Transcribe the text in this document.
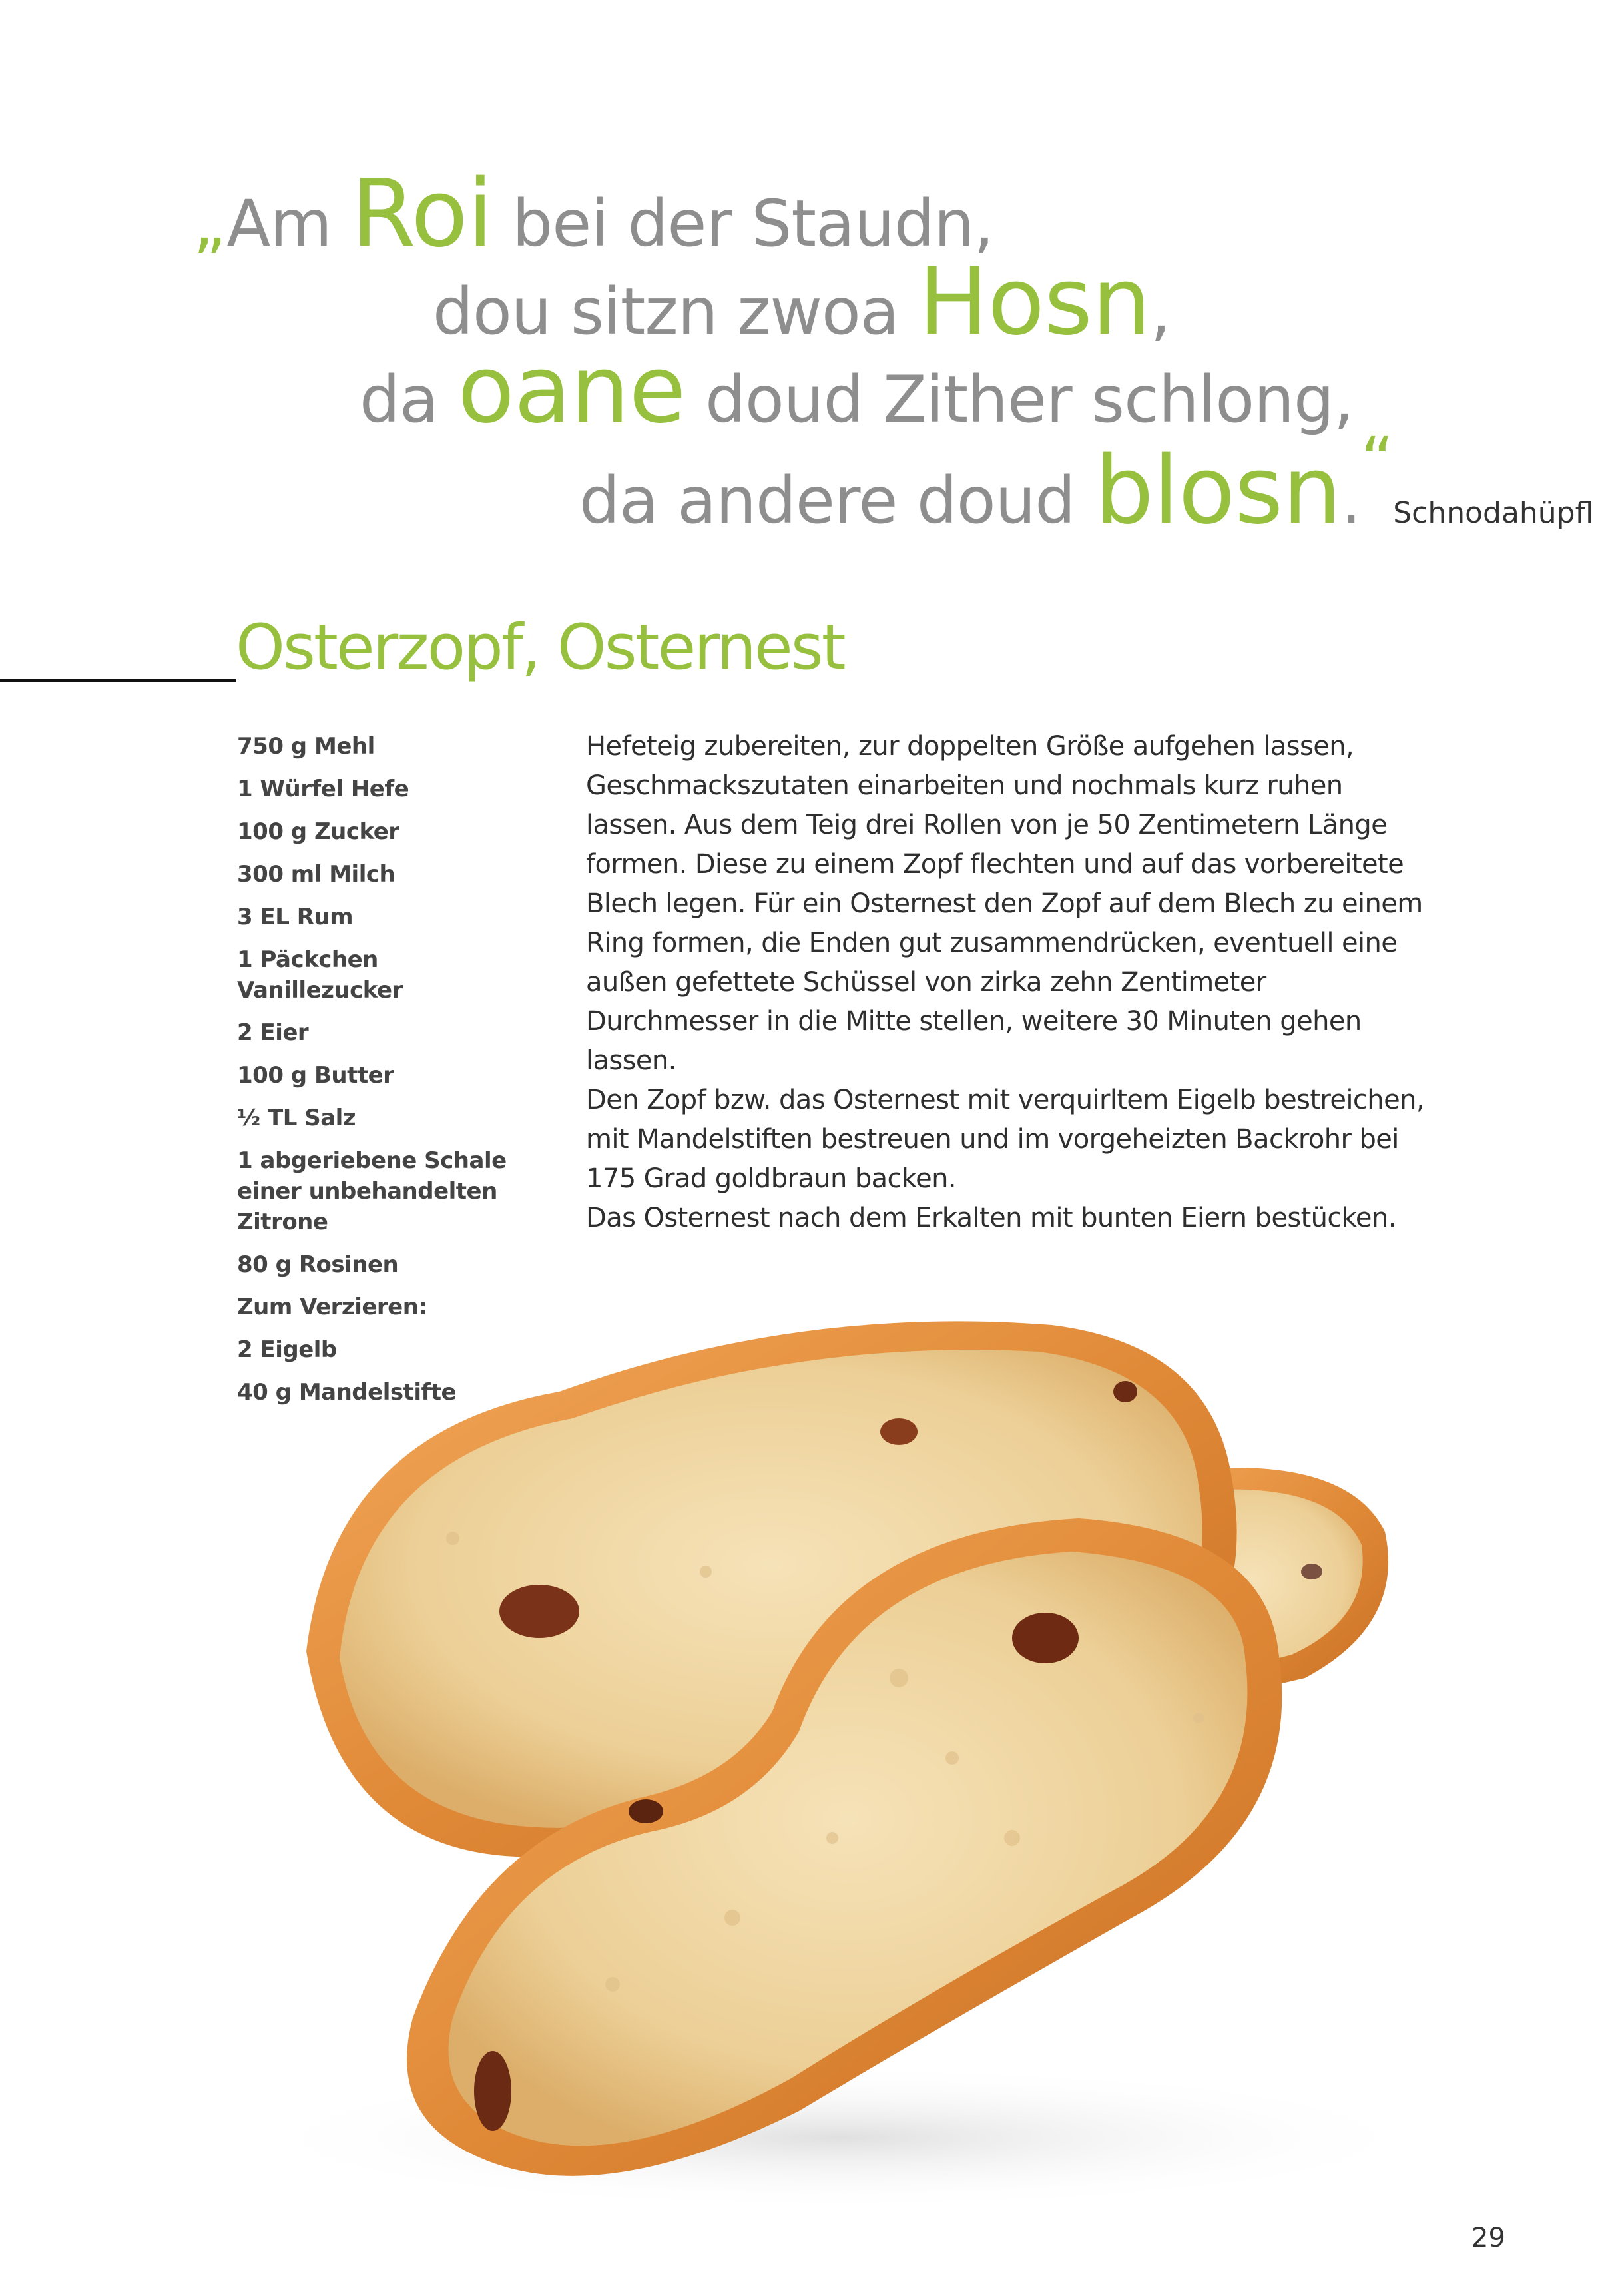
„Am Roi bei der Staudn,
dou sitzn zwoa Hosn,
da oane doud Zither schlong,
da andere doud blosn.“Schnodahüpfl
Osterzopf, Osternest
750 g Mehl
1 Würfel Hefe
100 g Zucker
300 ml Milch
3 EL Rum
1 Päckchen Vanillezucker
2 Eier
100 g Butter
½ TL Salz
1 abgeriebene Schale einer unbehandelten Zitrone
80 g Rosinen
Zum Verzieren:
2 Eigelb
40 g Mandelstifte

Hefeteig zubereiten, zur doppelten Größe aufgehen lassen, Geschmackszutaten einarbeiten und nochmals kurz ruhen lassen. Aus dem Teig drei Rollen von je 50 Zentimetern Länge formen. Diese zu einem Zopf flechten und auf das vorbereitete Blech legen. Für ein Osternest den Zopf auf dem Blech zu einem Ring formen, die Enden gut zusammendrücken, eventuell eine außen gefettete Schüssel von zirka zehn Zentimeter Durchmesser in die Mitte stellen, weitere 30 Minuten gehen lassen.

Den Zopf bzw. das Osternest mit verquirltem Eigelb bestreichen, mit Mandelstiften bestreuen und im vorgeheizten Backrohr bei 175 Grad goldbraun backen.

Das Osternest nach dem Erkalten mit bunten Eiern bestücken.

29
